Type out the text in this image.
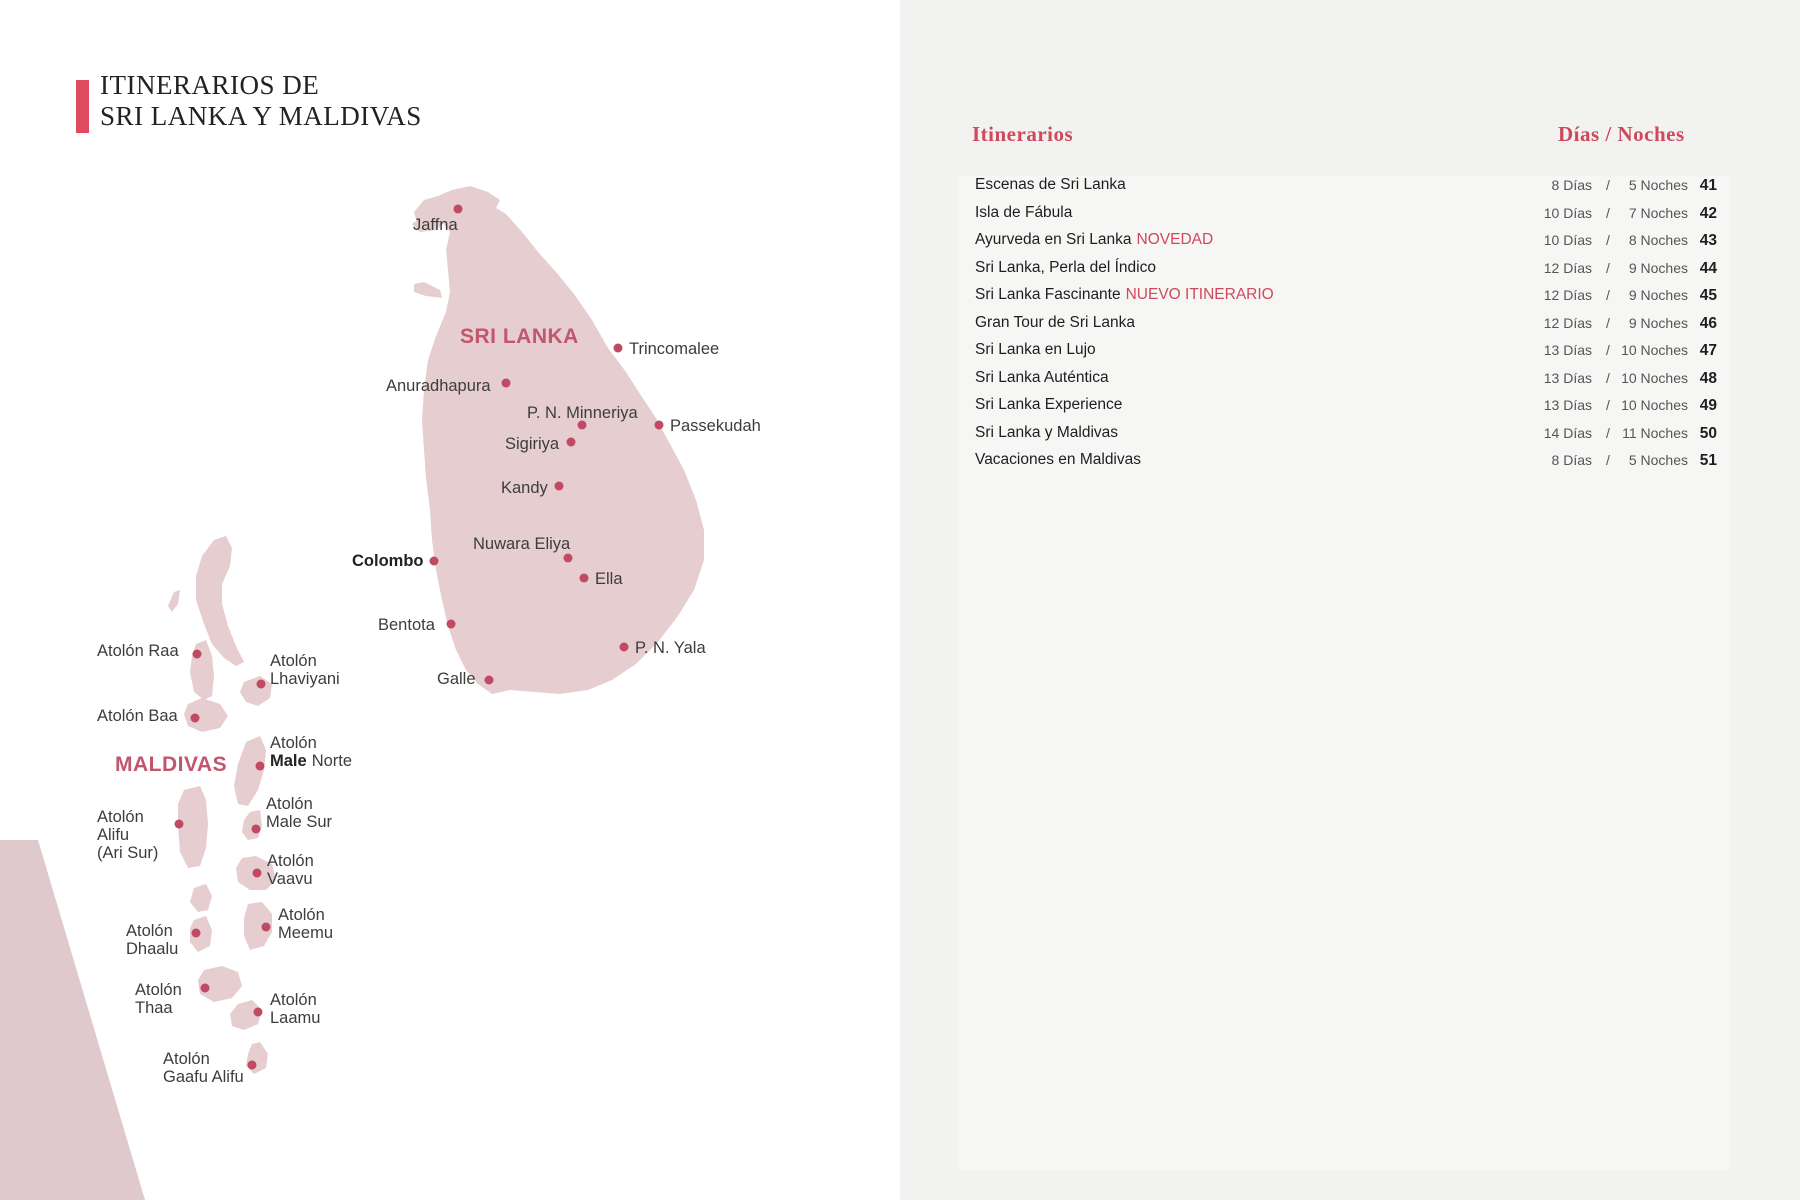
ITINERARIOS DE
SRI LANKA Y MALDIVAS
SRI LANKA
MALDIVAS
Jaffna
Trincomalee
Anuradhapura
P. N. Minneriya
Passekudah
Sigiriya
Kandy
Nuwara Eliya
Colombo
Ella
Bentota
P. N. Yala
Galle
Atolón Raa
Atolón
Lhaviyani
Atolón Baa
Atolón
Male Norte
Atolón
Alifu
(Ari Sur)
Atolón
Male Sur
Atolón
Vaavu
Atolón
Dhaalu
Atolón
Meemu
Atolón
Thaa	Atolón
Laamu
Atolón
Gaafu Alifu
Itinerarios	Días / Noches
Escenas de Sri Lanka	8 Días / 5 Noches 41
Isla de Fábula	10 Días / 7 Noches 42
Ayurveda en Sri Lanka NOVEDAD	10 Días / 8 Noches 43
Sri Lanka, Perla del Índico	12 Días / 9 Noches 44
Sri Lanka Fascinante NUEVO ITINERARIO	12 Días / 9 Noches 45
Gran Tour de Sri Lanka	12 Días / 9 Noches 46
Sri Lanka en Lujo	13 Días / 10 Noches 47
Sri Lanka Auténtica	13 Días / 10 Noches 48
Sri Lanka Experience	13 Días / 10 Noches 49
Sri Lanka y Maldivas	14 Días / 11 Noches 50
Vacaciones en Maldivas	8 Días / 5 Noches 51
